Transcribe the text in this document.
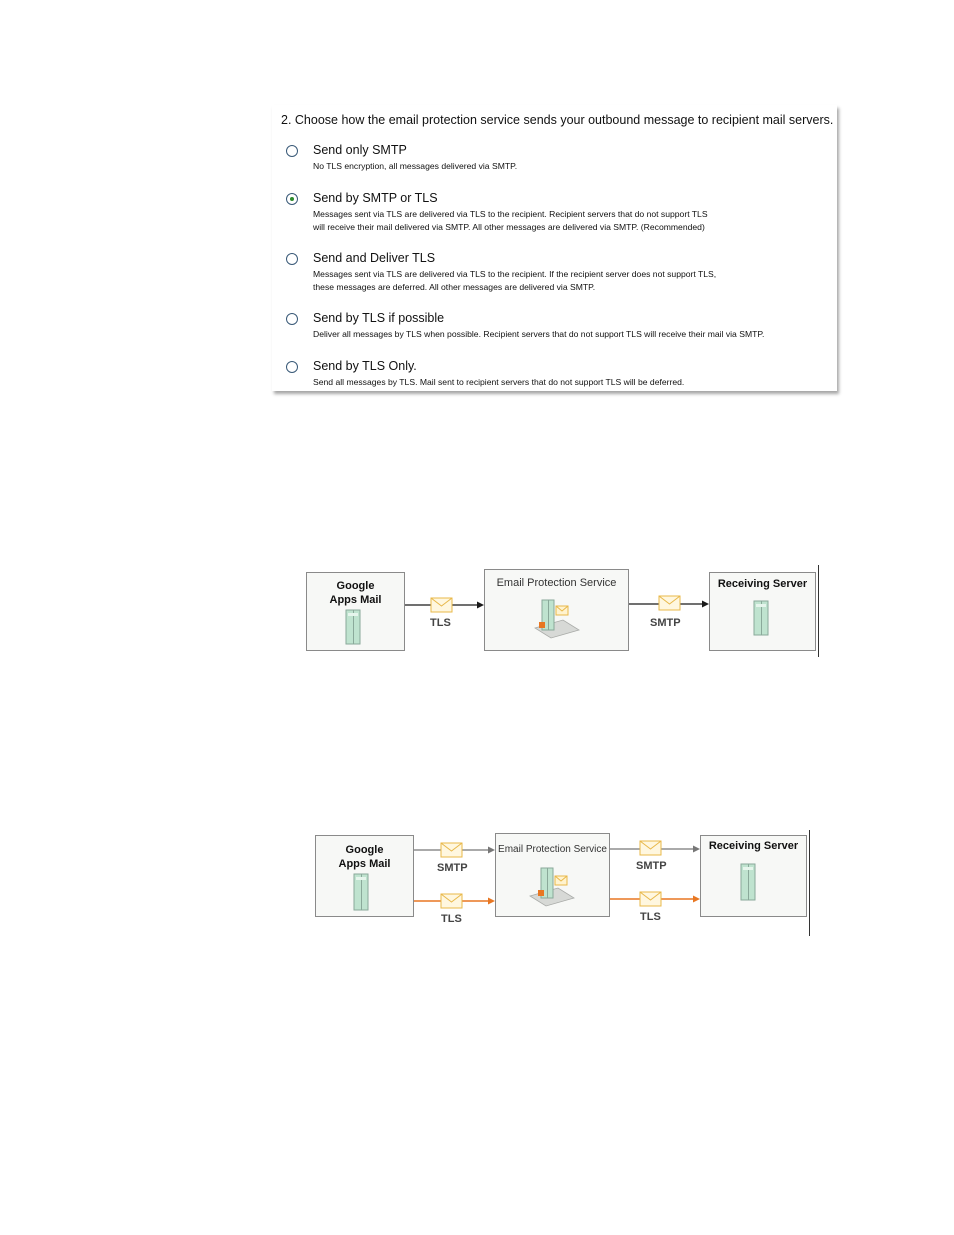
2. Choose how the email protection service sends your outbound message to recipient mail servers.
Send only SMTP
No TLS encryption, all messages delivered via SMTP.
Send by SMTP or TLS
Messages sent via TLS are delivered via TLS to the recipient. Recipient servers that do not support TLS
will receive their mail delivered via SMTP. All other messages are delivered via SMTP. (Recommended)
Send and Deliver TLS
Messages sent via TLS are delivered via TLS to the recipient. If the recipient server does not support TLS,
these messages are deferred. All other messages are delivered via SMTP.
Send by TLS if possible
Deliver all messages by TLS when possible. Recipient servers that do not support TLS will receive their mail via SMTP.
Send by TLS Only.
Send all messages by TLS. Mail sent to recipient servers that do not support TLS will be deferred.
Google
Apps Mail
Email Protection Service	Receiving Server
TLS	SMTP
Google
Apps Mail
Email Protection Service	Receiving Server
SMTP
TLS
SMTP
TLS
